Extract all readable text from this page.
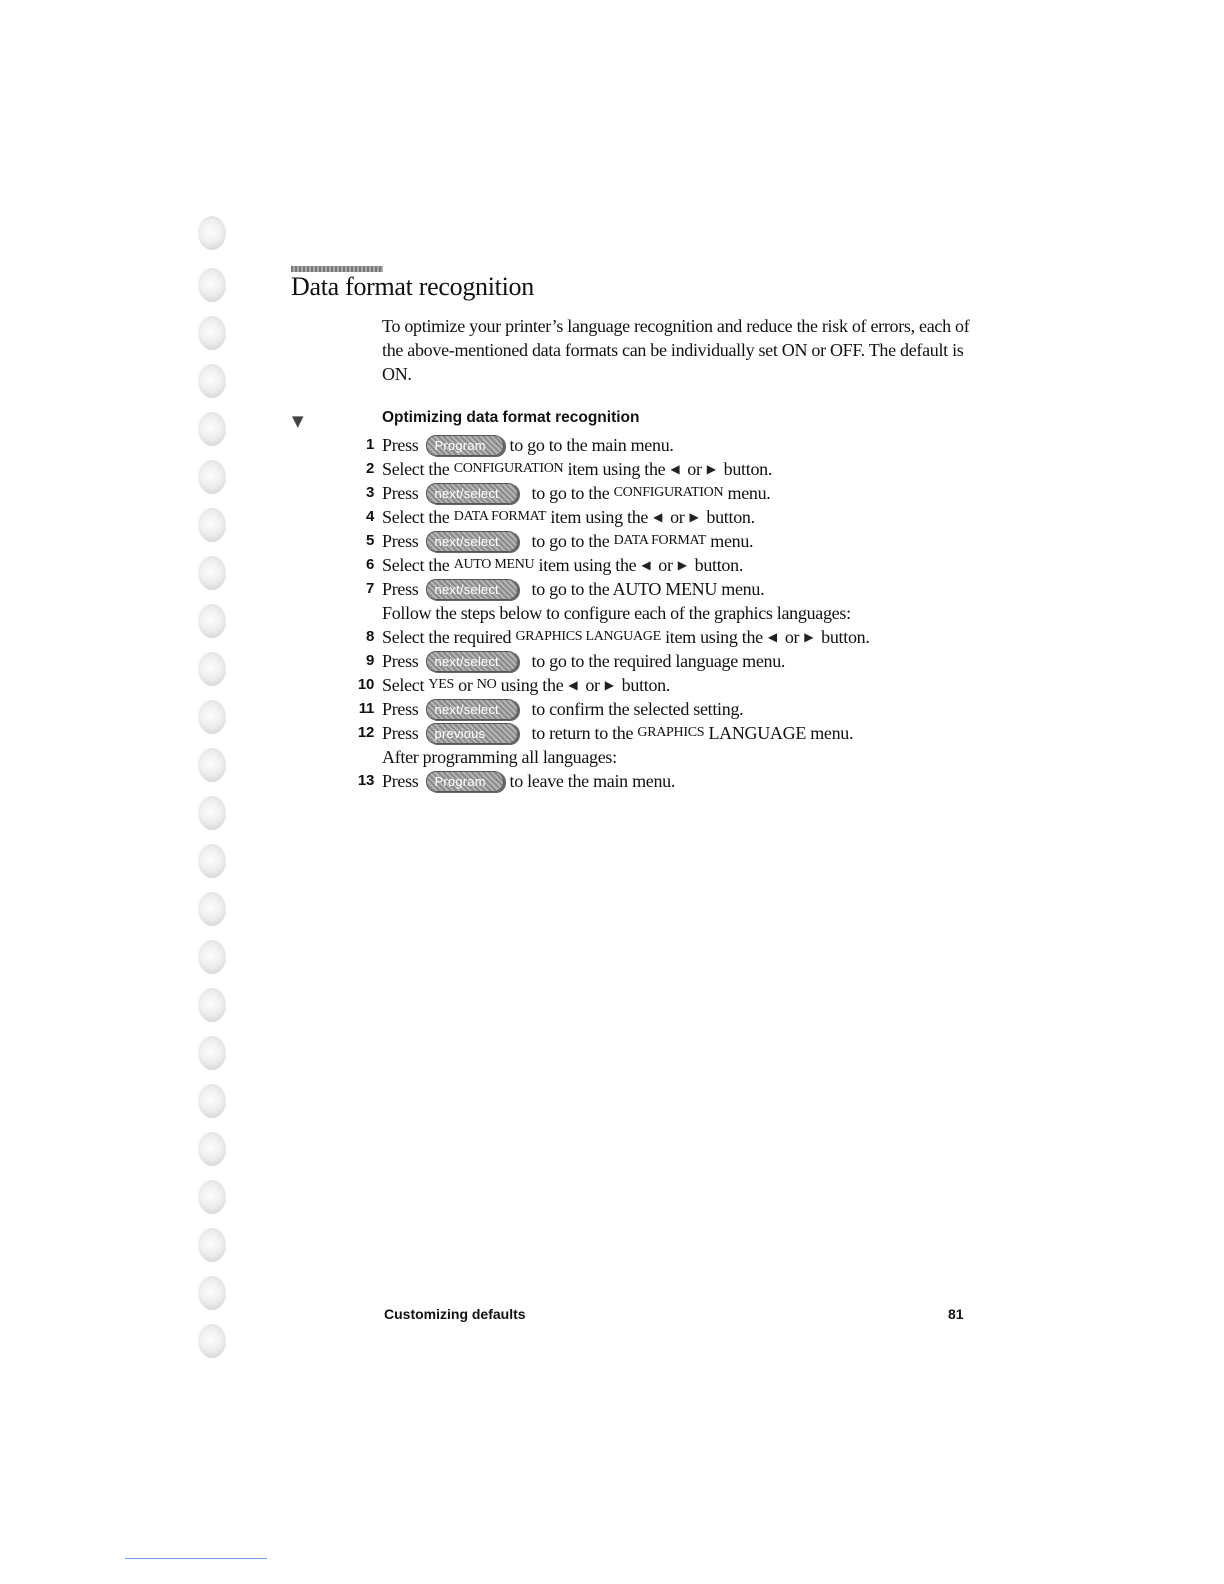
Data format recognition

To optimize your printer’s language recognition and reduce the risk of errors, each of the above-mentioned data formats can be individually set ON or OFF. The default is ON.

▼	Optimizing data format recognition
1 Press	Program	to go to the main menu.
2 Select the
CONFIGURATION
item using the ◀ or ▶ button.
3 Press	next/select	to go to the
CONFIGURATION
menu.
4 Select the
DATA FORMAT
item using the ◀ or ▶ button.
5 Press	next/select	to go to the
DATA FORMAT
menu.
6 Select the
AUTO MENU
item using the ◀ or ▶ button.
7 Press	next/select	to go to the AUTO MENU menu.
Follow the steps below to configure each of the graphics languages:
8 Select the required
GRAPHICS LANGUAGE
item using the ◀ or ▶ button.
9 Press	next/select	to go to the required language menu.
10 Select
YES
or
NO
using the ◀ or ▶ button.
11 Press	next/select	to confirm the selected setting.
12 Press	previous	to return to the
GRAPHICS
LANGUAGE menu.
After programming all languages:
13 Press	Program	to leave the main menu.

Customizing defaults	81
